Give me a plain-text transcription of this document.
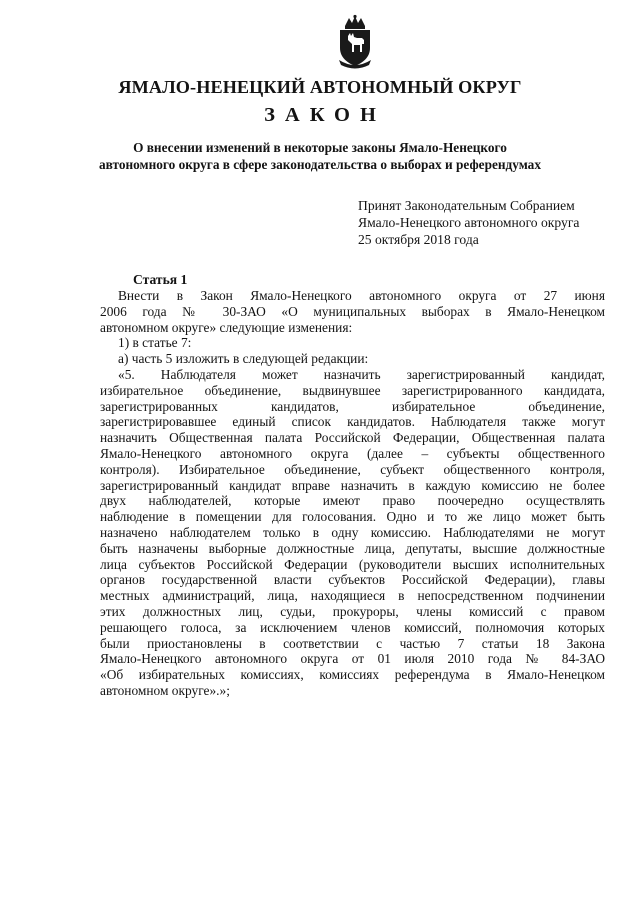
ЯМАЛО-НЕНЕЦКИЙ АВТОНОМНЫЙ ОКРУГ
ЗАКОН
О внесении изменений в некоторые законы Ямало-Ненецкого
автономного округа в сфере законодательства о выборах и референдумах
Принят Законодательным Собранием
Ямало-Ненецкого автономного округа
25 октября 2018 года
Статья 1
Внести в Закон Ямало-Ненецкого автономного округа от 27 июня
2006 года № 30-ЗАО «О муниципальных выборах в Ямало-Ненецком
автономном округе» следующие изменения:
1) в статье 7:
а) часть 5 изложить в следующей редакции:
«5. Наблюдателя может назначить зарегистрированный кандидат,
избирательное объединение, выдвинувшее зарегистрированного кандидата,
зарегистрированных кандидатов, избирательное объединение,
зарегистрировавшее единый список кандидатов. Наблюдателя также могут
назначить Общественная палата Российской Федерации, Общественная палата
Ямало-Ненецкого автономного округа (далее – субъекты общественного
контроля). Избирательное объединение, субъект общественного контроля,
зарегистрированный кандидат вправе назначить в каждую комиссию не более
двух наблюдателей, которые имеют право поочередно осуществлять
наблюдение в помещении для голосования. Одно и то же лицо может быть
назначено наблюдателем только в одну комиссию. Наблюдателями не могут
быть назначены выборные должностные лица, депутаты, высшие должностные
лица субъектов Российской Федерации (руководители высших исполнительных
органов государственной власти субъектов Российской Федерации), главы
местных администраций, лица, находящиеся в непосредственном подчинении
этих должностных лиц, судьи, прокуроры, члены комиссий с правом
решающего голоса, за исключением членов комиссий, полномочия которых
были приостановлены в соответствии с частью 7 статьи 18 Закона
Ямало-Ненецкого автономного округа от 01 июля 2010 года № 84-ЗАО
«Об избирательных комиссиях, комиссиях референдума в Ямало-Ненецком
автономном округе».»;
